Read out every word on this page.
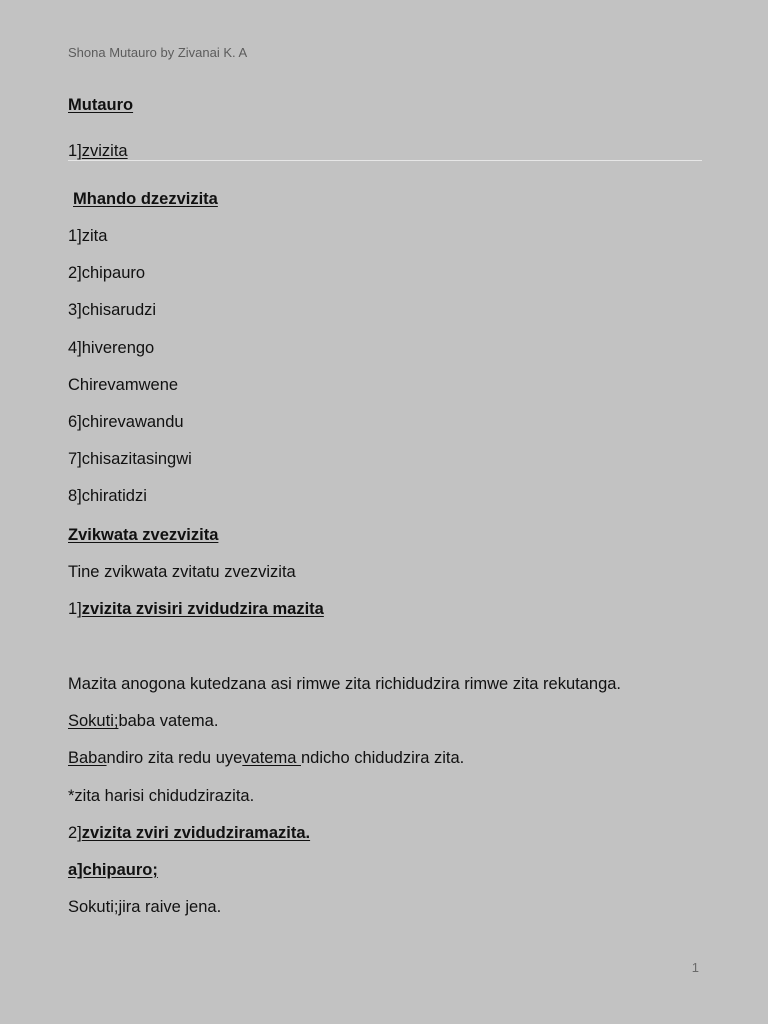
Shona Mutauro by Zivanai K. A

Mutauro

1]zvizita

Mhando dzezvizita

1]zita

2]chipauro

3]chisarudzi

4]hiverengo

Chirevamwene

6]chirevawandu

7]chisazitasingwi

8]chiratidzi

Zvikwata zvezvizita

Tine zvikwata zvitatu zvezvizita

1]zvizita zvisiri zvidudzira mazita

Mazita anogona kutedzana asi rimwe zita richidudzira rimwe zita rekutanga.

Sokuti;baba vatema.

Babandiro zita redu uyevatema ndicho chidudzira zita.

*zita harisi chidudzirazita.

2]zvizita zviri zvidudziramazita.

a]chipauro;

Sokuti;jira raive jena.

1
